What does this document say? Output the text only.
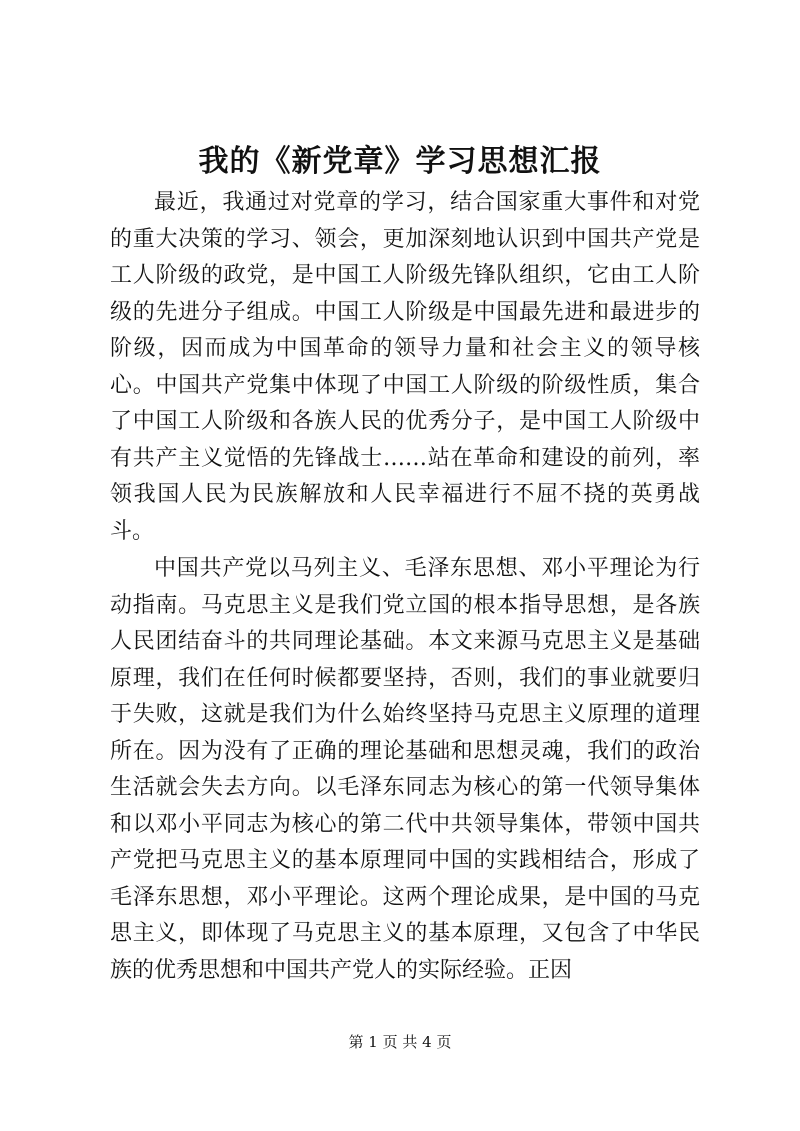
我的《新党章》学习思想汇报

最近，我通过对党章的学习，结合国家重大事件和对党的重大决策的学习、领会，更加深刻地认识到中国共产党是工人阶级的政党，是中国工人阶级先锋队组织，它由工人阶级的先进分子组成。中国工人阶级是中国最先进和最进步的阶级，因而成为中国革命的领导力量和社会主义的领导核心。中国共产党集中体现了中国工人阶级的阶级性质，集合了中国工人阶级和各族人民的优秀分子，是中国工人阶级中有共产主义觉悟的先锋战士……站在革命和建设的前列，率领我国人民为民族解放和人民幸福进行不屈不挠的英勇战斗。

中国共产党以马列主义、毛泽东思想、邓小平理论为行动指南。马克思主义是我们党立国的根本指导思想，是各族人民团结奋斗的共同理论基础。本文来源马克思主义是基础原理，我们在任何时候都要坚持，否则，我们的事业就要归于失败，这就是我们为什么始终坚持马克思主义原理的道理所在。因为没有了正确的理论基础和思想灵魂，我们的政治生活就会失去方向。以毛泽东同志为核心的第一代领导集体和以邓小平同志为核心的第二代中共领导集体，带领中国共产党把马克思主义的基本原理同中国的实践相结合，形成了毛泽东思想，邓小平理论。这两个理论成果，是中国的马克思主义，即体现了马克思主义的基本原理，又包含了中华民族的优秀思想和中国共产党人的实际经验。正因

第 1 页 共 4 页
